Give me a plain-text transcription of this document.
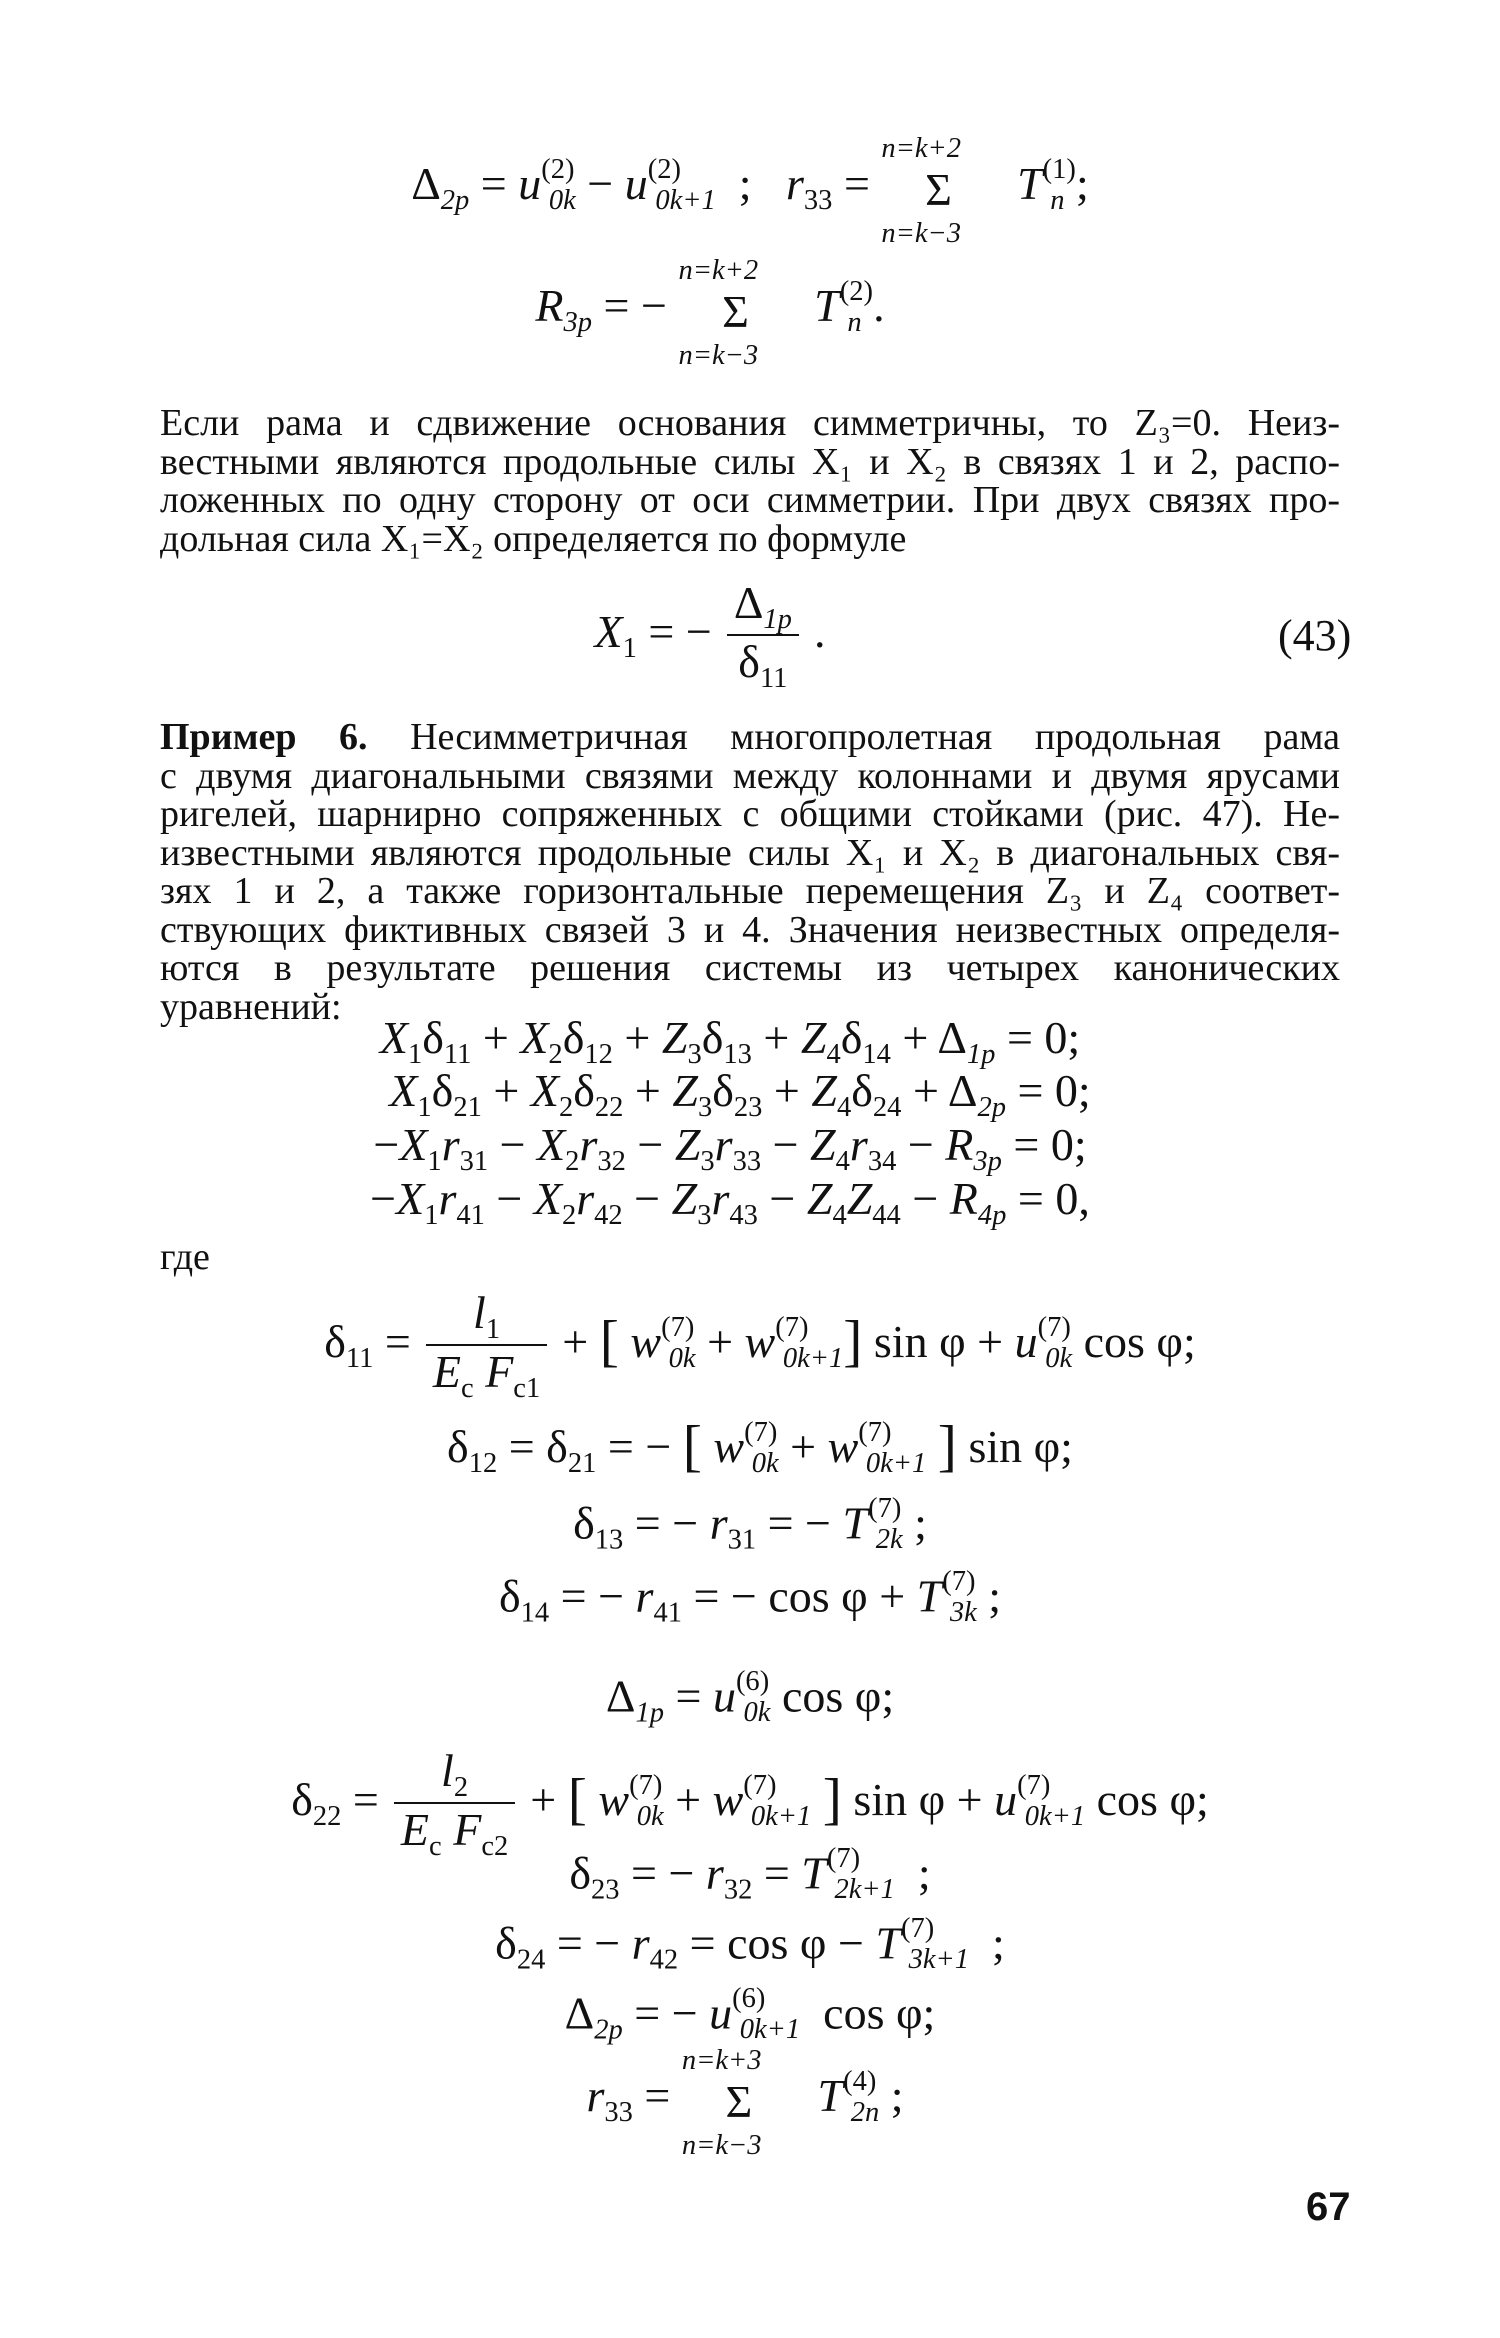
$\Delta_{2p} = u^{(2)}_{0k} - u^{(2)}_{0k+1}$  ;   $r_{33}$ =
n=k+2
Σ
n=k−3
$T^{(1)}_n$ ;
$R_{3p}$ = −
n=k+2
Σ
n=k−3
$T^{(2)}_n$ .
Если рама и сдвижение основания симметричны, то Z₃=0. Неиз-
вестными являются продольные силы X₁ и X₂ в связях 1 и 2, распо-
ложенных по одну сторону от оси симметрии. При двух связях про-
дольная сила X₁=X₂ определяется по формуле
$X_1$ = − $\frac{\Delta_{1p}}{\delta_{11}}$ .	(43)
Пример 6. Несимметричная многопролетная продольная рама
с двумя диагональными связями между колоннами и двумя ярусами
ригелей, шарнирно сопряженных с общими стойками (рис. 47). Не-
известными являются продольные силы X₁ и X₂ в диагональных свя-
зях 1 и 2, а также горизонтальные перемещения Z₃ и Z₄ соответ-
ствующих фиктивных связей 3 и 4. Значения неизвестных определя-
ются в результате решения системы из четырех канонических
уравнений:
$X_1\delta_{11} + X_2\delta_{12} + Z_3\delta_{13} + Z_4\delta_{14} + \Delta_{1p} = 0$;
$X_1\delta_{21} + X_2\delta_{22} + Z_3\delta_{23} + Z_4\delta_{24} + \Delta_{2p} = 0$;
$-X_1r_{31} - X_2r_{32} - Z_3r_{33} - Z_4r_{34} - R_{3p} = 0$;
$-X_1r_{41} - X_2r_{42} - Z_3r_{43} - Z_4Z_{44} - R_{4p} = 0$,
где
$\delta_{11} = \frac{l_1}{E_c F_{c1}}$ + [ $w^{(7)}_{0k} + w^{(7)}_{0k+1}$] $\sin \varphi + u^{(7)}_{0k}$ cos φ;
$\delta_{12} = \delta_{21}$ = − [ $w^{(7)}_{0k} + w^{(7)}_{0k+1}$ ] sin φ;
$\delta_{13}$ = − $r_{31}$ = − $T^{(7)}_{2k}$ ;
$\delta_{14}$ = − $r_{41}$ = − $\cos \varphi + T^{(7)}_{3k}$ ;
$\Delta_{1p} = u^{(6)}_{0k}$ cos φ;
$\delta_{22} = \frac{l_2}{E_c F_{c2}}$ + [ $w^{(7)}_{0k} + w^{(7)}_{0k+1}$ ] $\sin \varphi + u^{(7)}_{0k+1}$ cos φ;
$\delta_{23}$ = − $r_{32} = T^{(7)}_{2k+1}$  ;
$\delta_{24}$ = − $r_{42} = \cos \varphi - T^{(7)}_{3k+1}$  ;
$\Delta_{2p}$ = − $u^{(6)}_{0k+1}$  cos φ;
$r_{33}$ =
n=k+3
Σ
n=k−3
$T^{(4)}_{2n}$ ;
67
